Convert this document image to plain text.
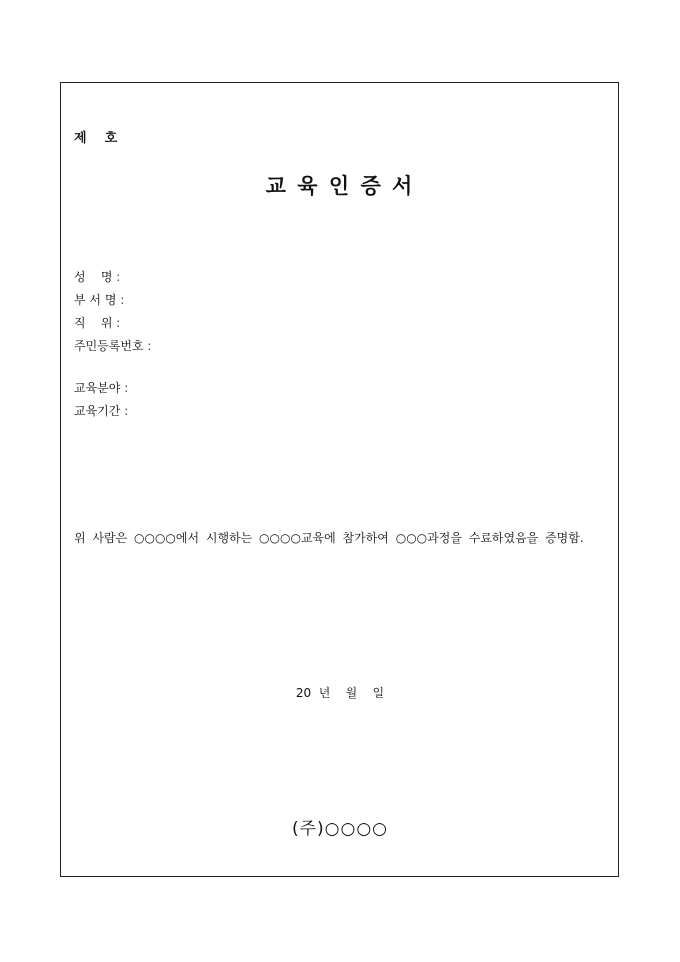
제    호
교 육 인 증 서
성    명 :
부 서 명 :
직    위 :
주민등록번호 :
교육분야 :
교육기간 :
위 사람은 ○○○○에서 시행하는 ○○○○교육에 참가하여 ○○○과정을 수료하였음을 증명함.
20  년    월    일
(주)○○○○
